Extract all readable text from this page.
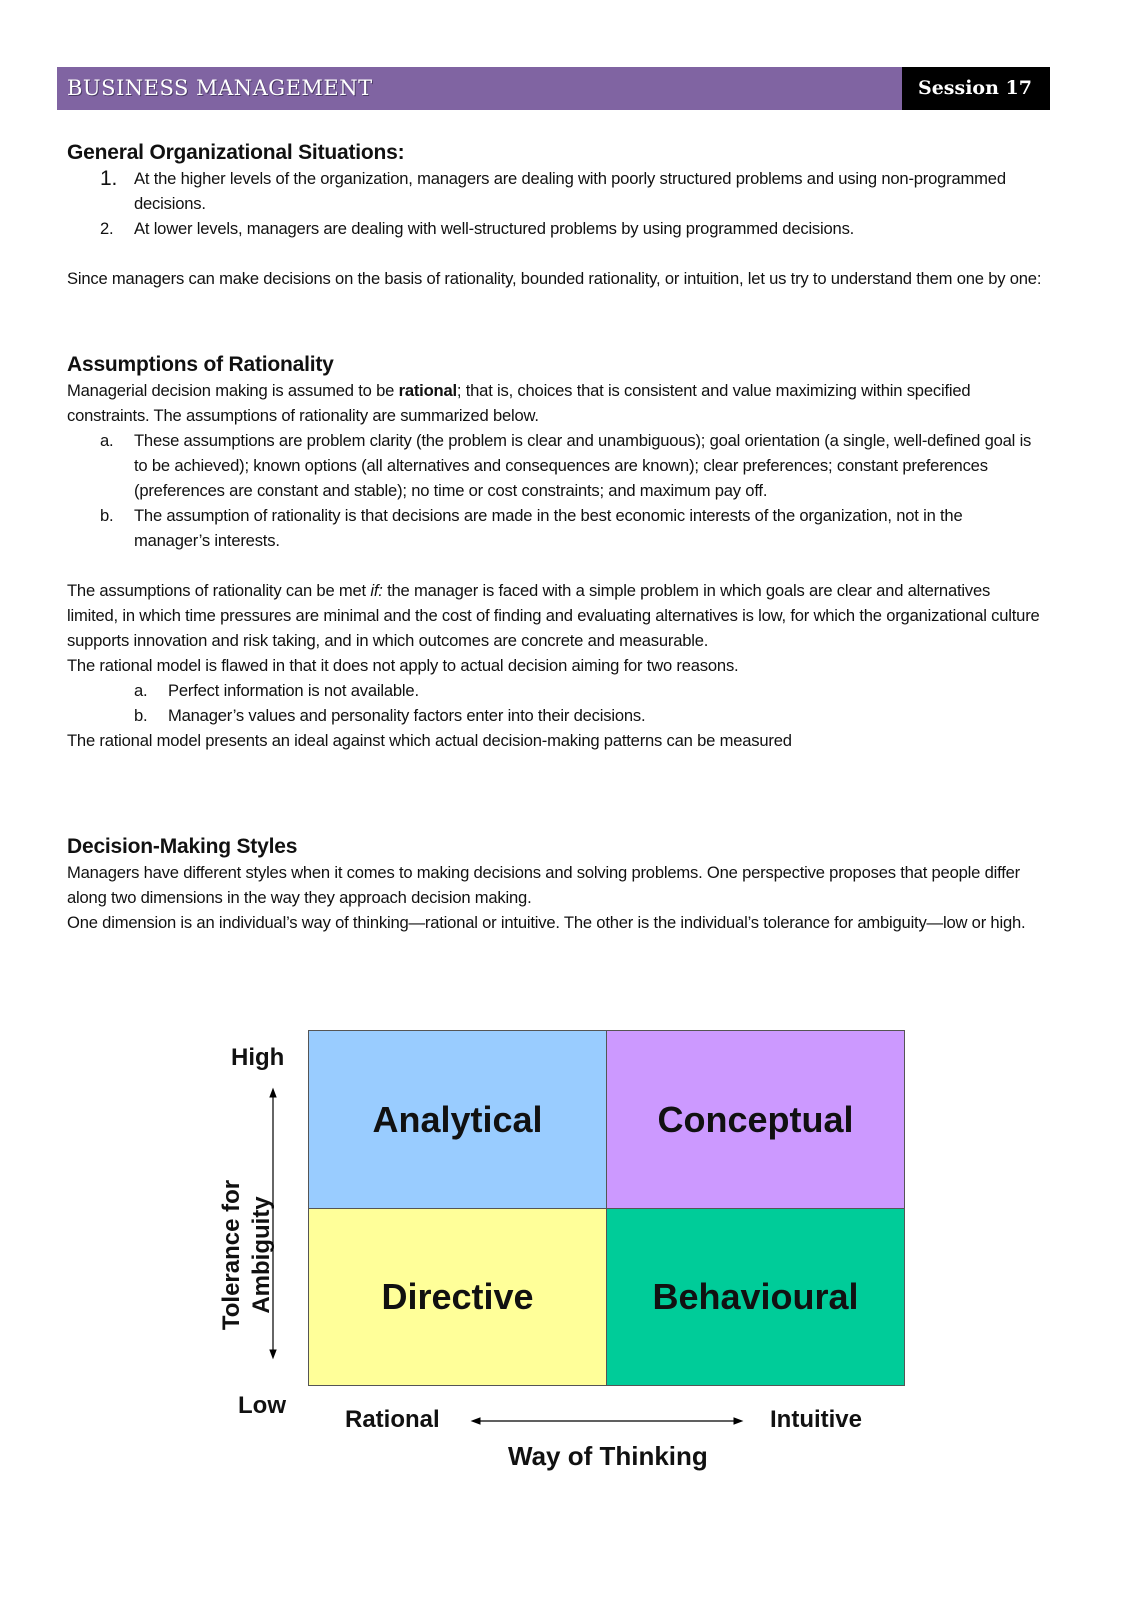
BUSINESS MANAGEMENT	Session 17
General Organizational Situations:
1.	At the higher levels of the organization, managers are dealing with poorly structured problems and using non-programmed decisions.
2.	At lower levels, managers are dealing with well-structured problems by using programmed decisions.

Since managers can make decisions on the basis of rationality, bounded rationality, or intuition, let us try to understand them one by one:

Assumptions of Rationality

Managerial decision making is assumed to be rational; that is, choices that is consistent and value maximizing within specified constraints. The assumptions of rationality are summarized below.

a.	These assumptions are problem clarity (the problem is clear and unambiguous); goal orientation (a single, well-defined goal is to be achieved); known options (all alternatives and consequences are known); clear preferences; constant preferences (preferences are constant and stable); no time or cost constraints; and maximum pay off.
b.	The assumption of rationality is that decisions are made in the best economic interests of the organization, not in the manager’s interests.

The assumptions of rationality can be met if: the manager is faced with a simple problem in which goals are clear and alternatives limited, in which time pressures are minimal and the cost of finding and evaluating alternatives is low, for which the organizational culture supports innovation and risk taking, and in which outcomes are concrete and measurable.

The rational model is flawed in that it does not apply to actual decision aiming for two reasons.

a.	Perfect information is not available.
b.	Manager’s values and personality factors enter into their decisions.

The rational model presents an ideal against which actual decision-making patterns can be measured

Decision-Making Styles

Managers have different styles when it comes to making decisions and solving problems. One perspective proposes that people differ along two dimensions in the way they approach decision making.

One dimension is an individual’s way of thinking—rational or intuitive. The other is the individual’s tolerance for ambiguity—low or high.

Analytical	Conceptual
Directive	Behavioural
High
Low
Tolerance for Ambiguity
Rational	Intuitive
Way of Thinking
